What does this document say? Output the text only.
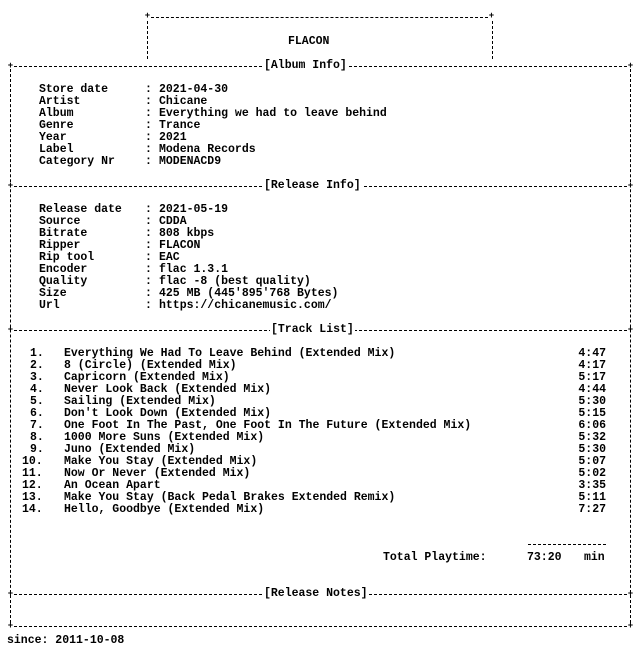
+
+
FLACON
+
+
[Album Info]
Store date	: 2021-04-30
Artist	: Chicane
Album	: Everything we had to leave behind
Genre	: Trance
Year	: 2021
Label	: Modena Records
Category Nr	: MODENACD9
+
+
[Release Info]
Release date : 2021-05-19
Source	: CDDA
Bitrate	: 808 kbps
Ripper	: FLACON
Rip tool	: EAC
Encoder	: flac 1.3.1
Quality	: flac -8 (best quality)
Size	: 425 MB (445'895'768 Bytes)
Url	: https://chicanemusic.com/
+
+
[Track List]
1. Everything We Had To Leave Behind (Extended Mix)	4:47
2. 8 (Circle) (Extended Mix)	4:17
3. Capricorn (Extended Mix)	5:17
4. Never Look Back (Extended Mix)	4:44
5. Sailing (Extended Mix)	5:30
6. Don't Look Down (Extended Mix)	5:15
7. One Foot In The Past, One Foot In The Future (Extended Mix)	6:06
8. 1000 More Suns (Extended Mix)	5:32
9. Juno (Extended Mix)	5:30
10. Make You Stay (Extended Mix)	5:07
11. Now Or Never (Extended Mix)	5:02
12. An Ocean Apart	3:35
13. Make You Stay (Back Pedal Brakes Extended Remix)	5:11
14. Hello, Goodbye (Extended Mix)	7:27
Total Playtime:	73:20 min
+
+
[Release Notes]
+
+
since: 2011-10-08
